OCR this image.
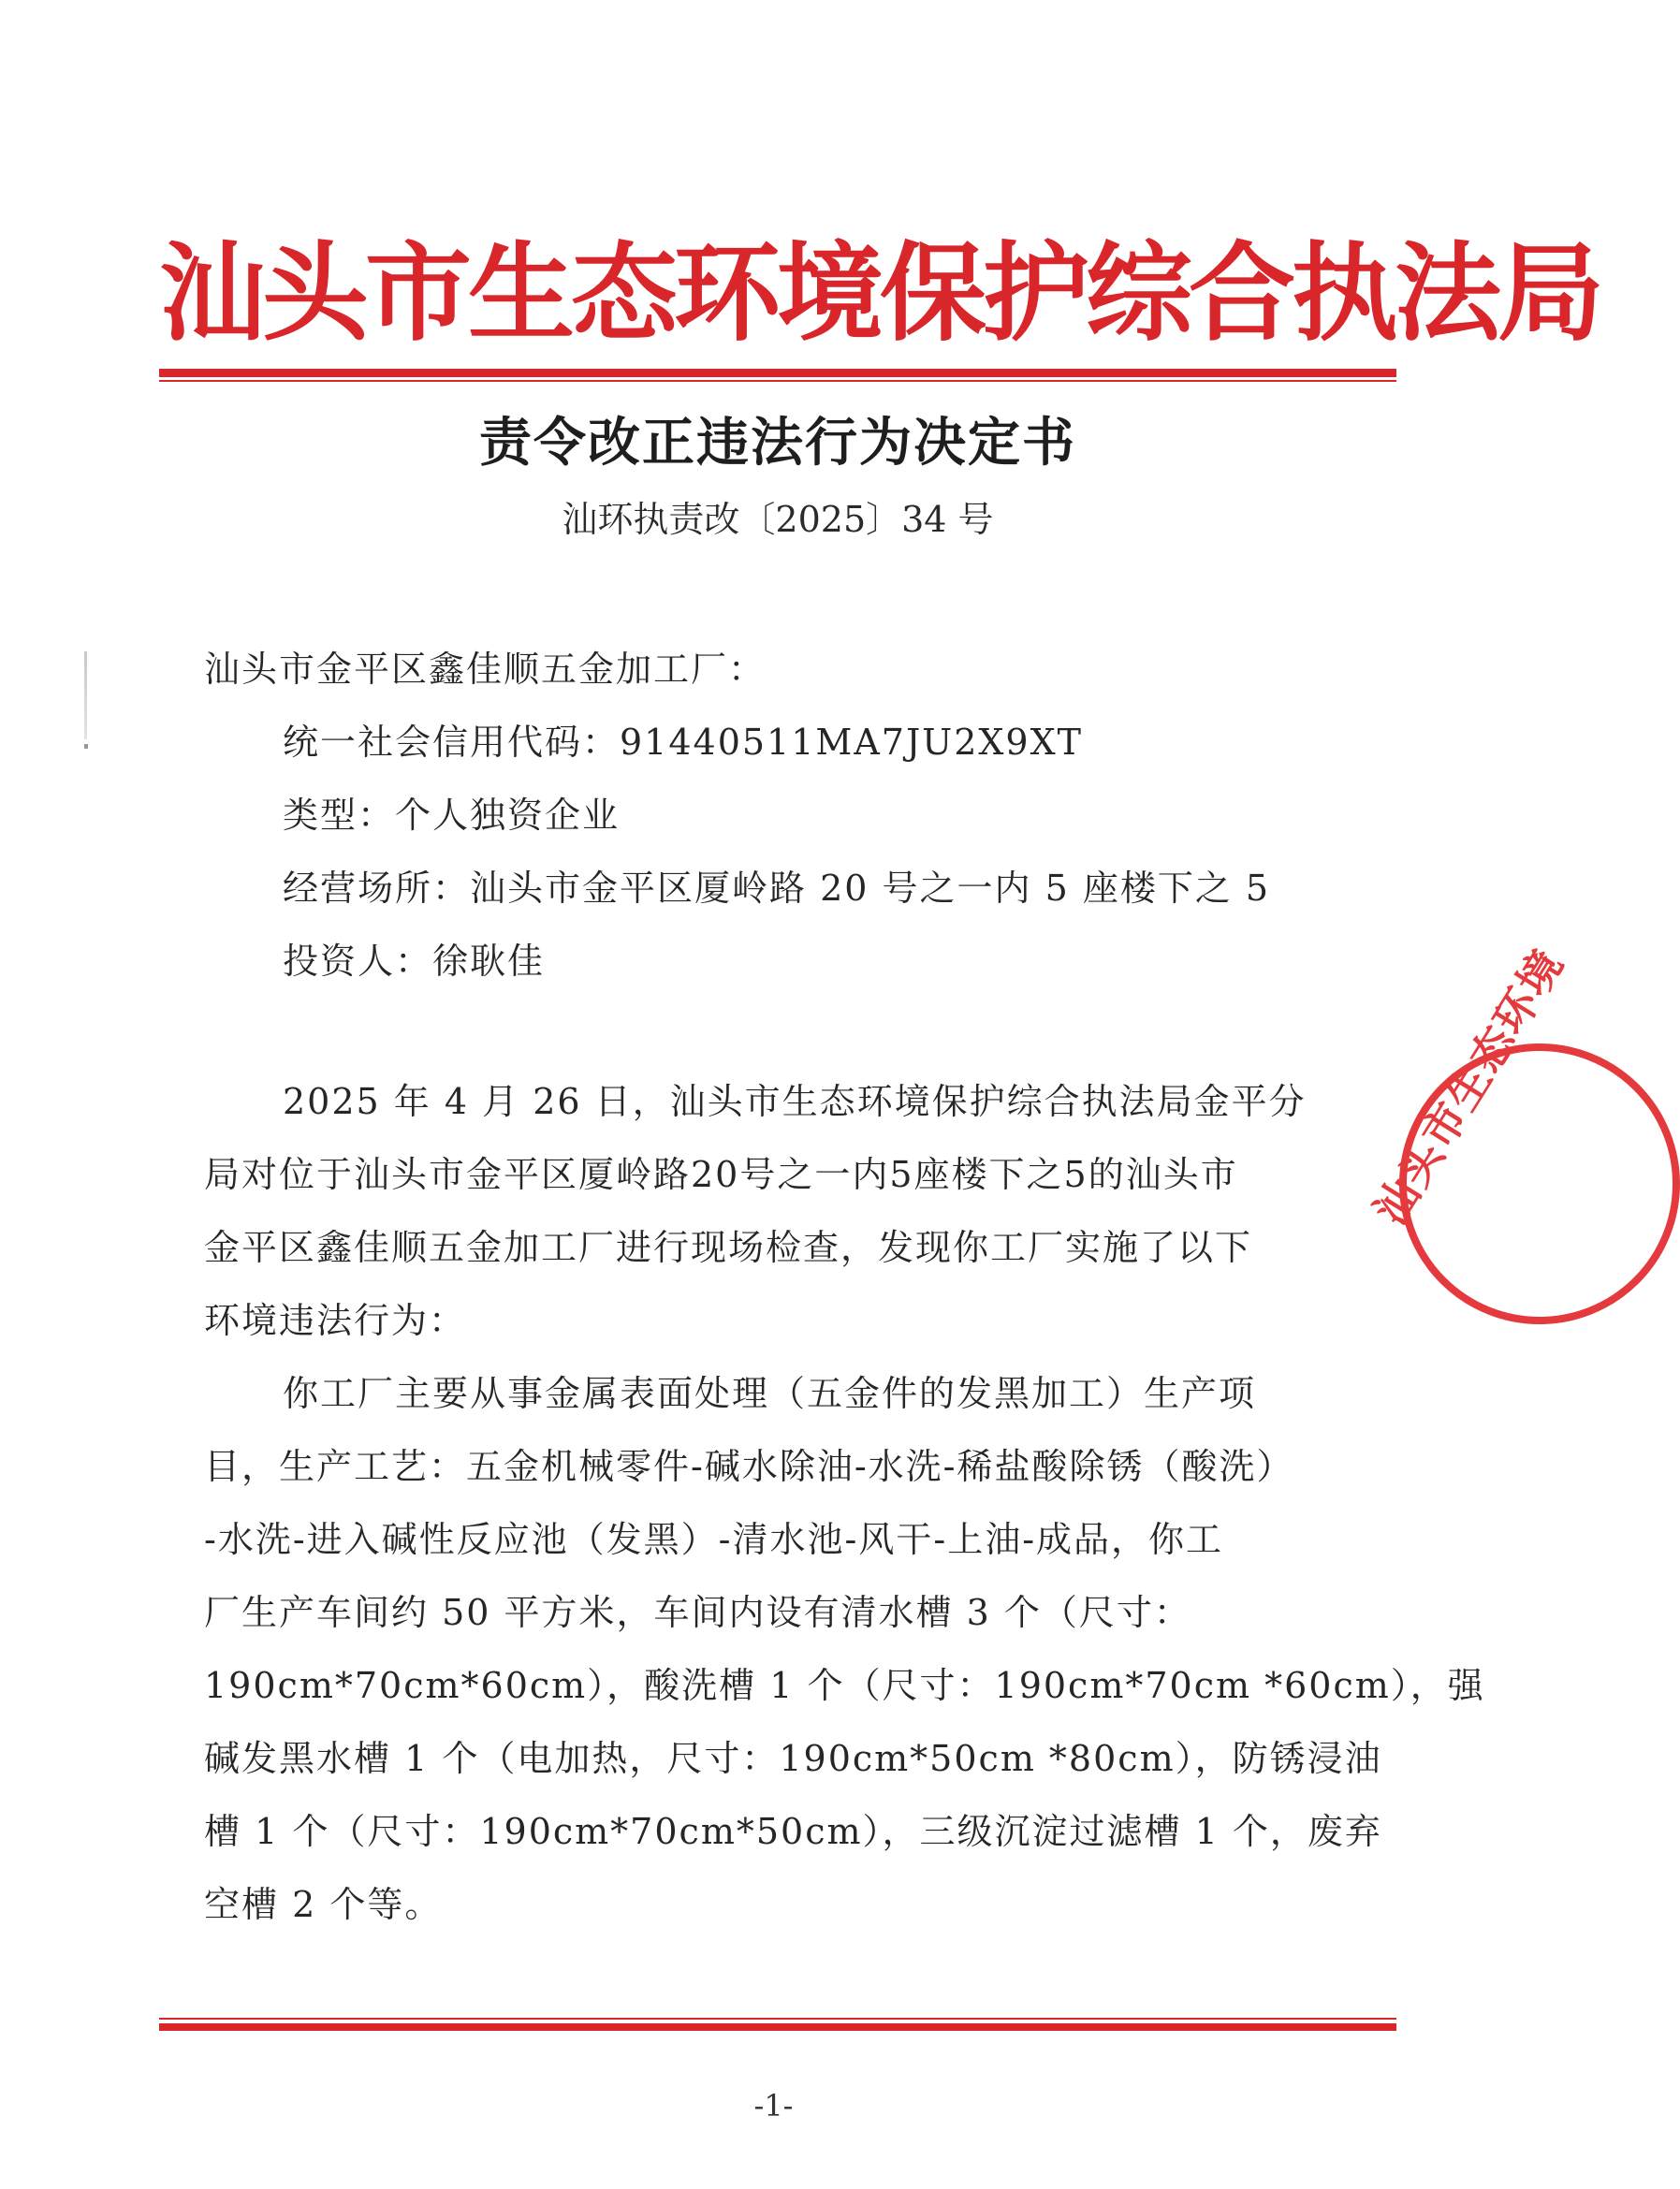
汕头市生态环境保护综合执法局
责令改正违法行为决定书
汕环执责改〔2025〕34 号
汕头市金平区鑫佳顺五金加工厂：
统一社会信用代码：91440511MA7JU2X9XT
类型：个人独资企业
经营场所：汕头市金平区厦岭路 20 号之一内 5 座楼下之 5
投资人：徐耿佳
2025 年 4 月 26 日，汕头市生态环境保护综合执法局金平分
局对位于汕头市金平区厦岭路20号之一内5座楼下之5的汕头市
金平区鑫佳顺五金加工厂进行现场检查，发现你工厂实施了以下
环境违法行为：
你工厂主要从事金属表面处理（五金件的发黑加工）生产项
目，生产工艺：五金机械零件-碱水除油-水洗-稀盐酸除锈（酸洗）
-水洗-进入碱性反应池（发黑）-清水池-风干-上油-成品，你工
厂生产车间约 50 平方米，车间内设有清水槽 3 个（尺寸：
190cm*70cm*60cm），酸洗槽 1 个（尺寸：190cm*70cm *60cm），强
碱发黑水槽 1 个（电加热，尺寸：190cm*50cm *80cm），防锈浸油
槽 1 个（尺寸：190cm*70cm*50cm），三级沉淀过滤槽 1 个，废弃
空槽 2 个等。
汕头市生态环境
-1-
